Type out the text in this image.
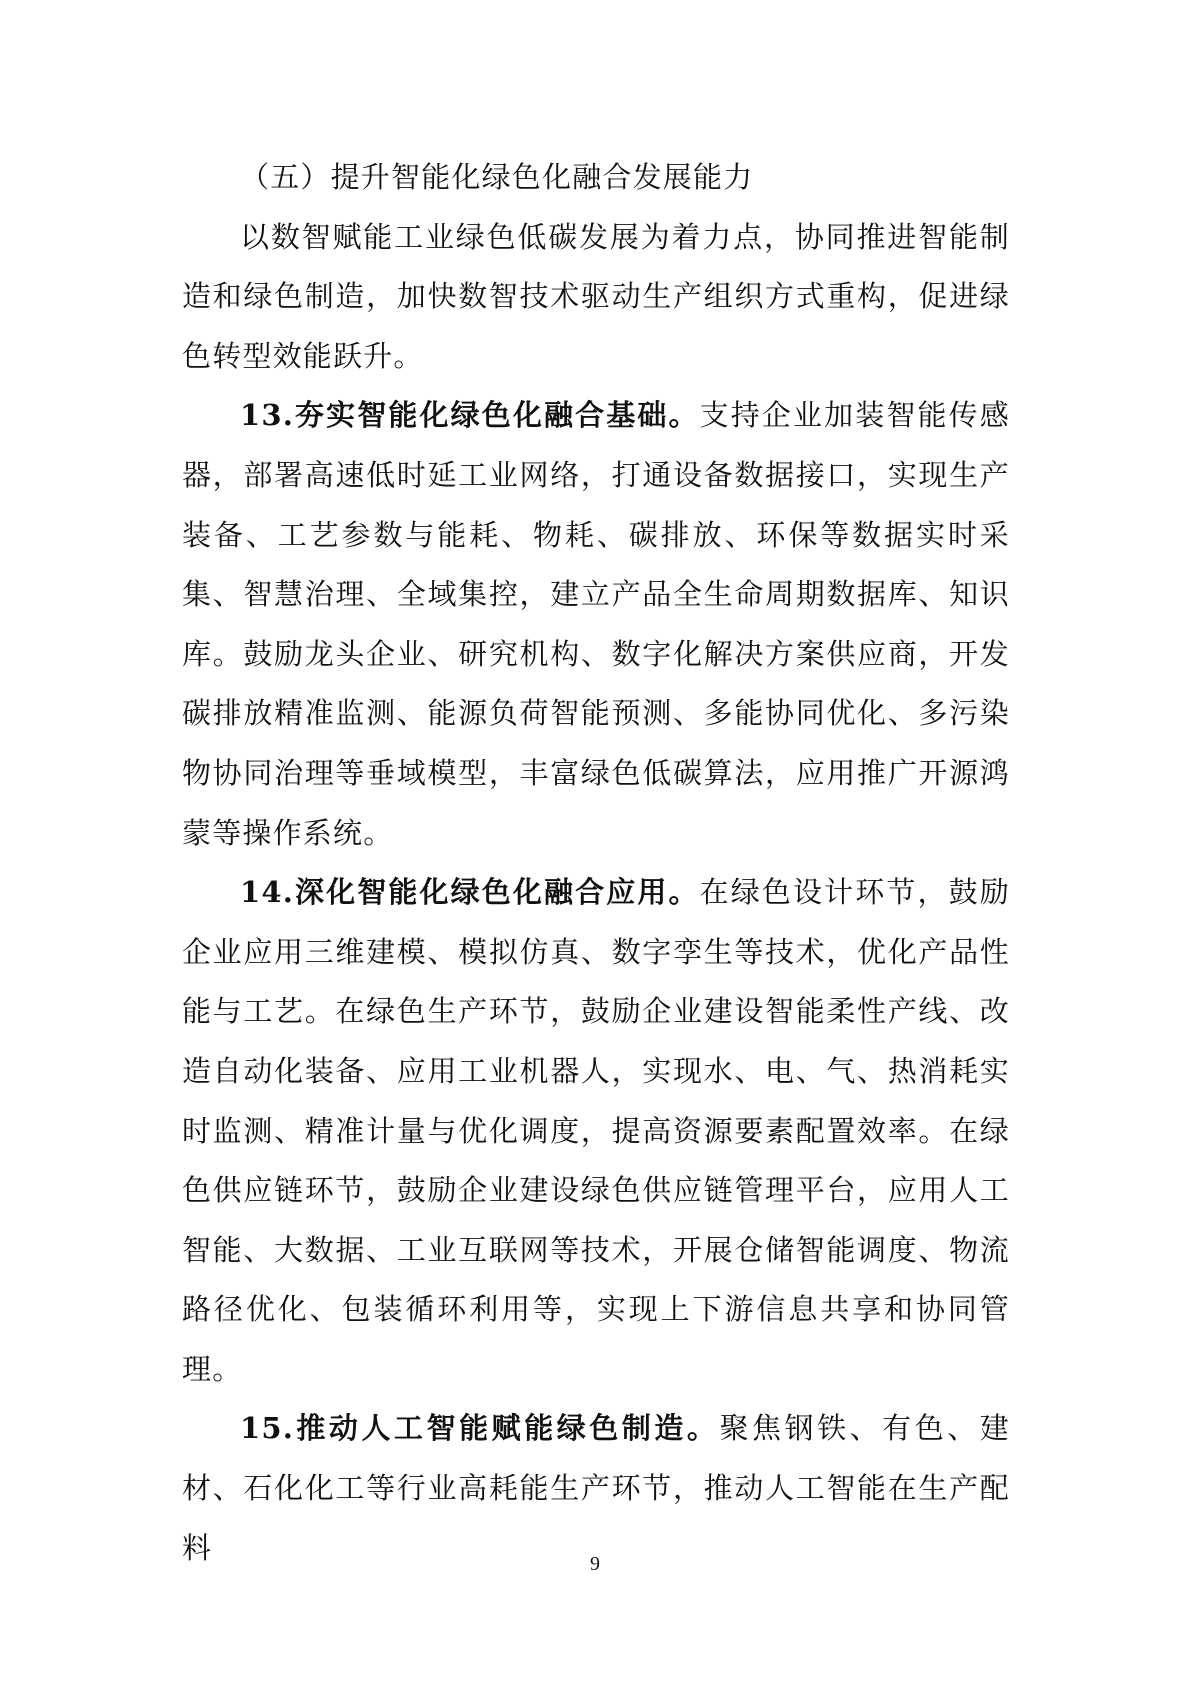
（五）提升智能化绿色化融合发展能力

以数智赋能工业绿色低碳发展为着力点，协同推进智能制造和绿色制造，加快数智技术驱动生产组织方式重构，促进绿色转型效能跃升。

13.夯实智能化绿色化融合基础。支持企业加装智能传感器，部署高速低时延工业网络，打通设备数据接口，实现生产装备、工艺参数与能耗、物耗、碳排放、环保等数据实时采集、智慧治理、全域集控，建立产品全生命周期数据库、知识库。鼓励龙头企业、研究机构、数字化解决方案供应商，开发碳排放精准监测、能源负荷智能预测、多能协同优化、多污染物协同治理等垂域模型，丰富绿色低碳算法，应用推广开源鸿蒙等操作系统。

14.深化智能化绿色化融合应用。在绿色设计环节，鼓励企业应用三维建模、模拟仿真、数字孪生等技术，优化产品性能与工艺。在绿色生产环节，鼓励企业建设智能柔性产线、改造自动化装备、应用工业机器人，实现水、电、气、热消耗实时监测、精准计量与优化调度，提高资源要素配置效率。在绿色供应链环节，鼓励企业建设绿色供应链管理平台，应用人工智能、大数据、工业互联网等技术，开展仓储智能调度、物流路径优化、包装循环利用等，实现上下游信息共享和协同管理。

15.推动人工智能赋能绿色制造。聚焦钢铁、有色、建材、石化化工等行业高耗能生产环节，推动人工智能在生产配料	9
